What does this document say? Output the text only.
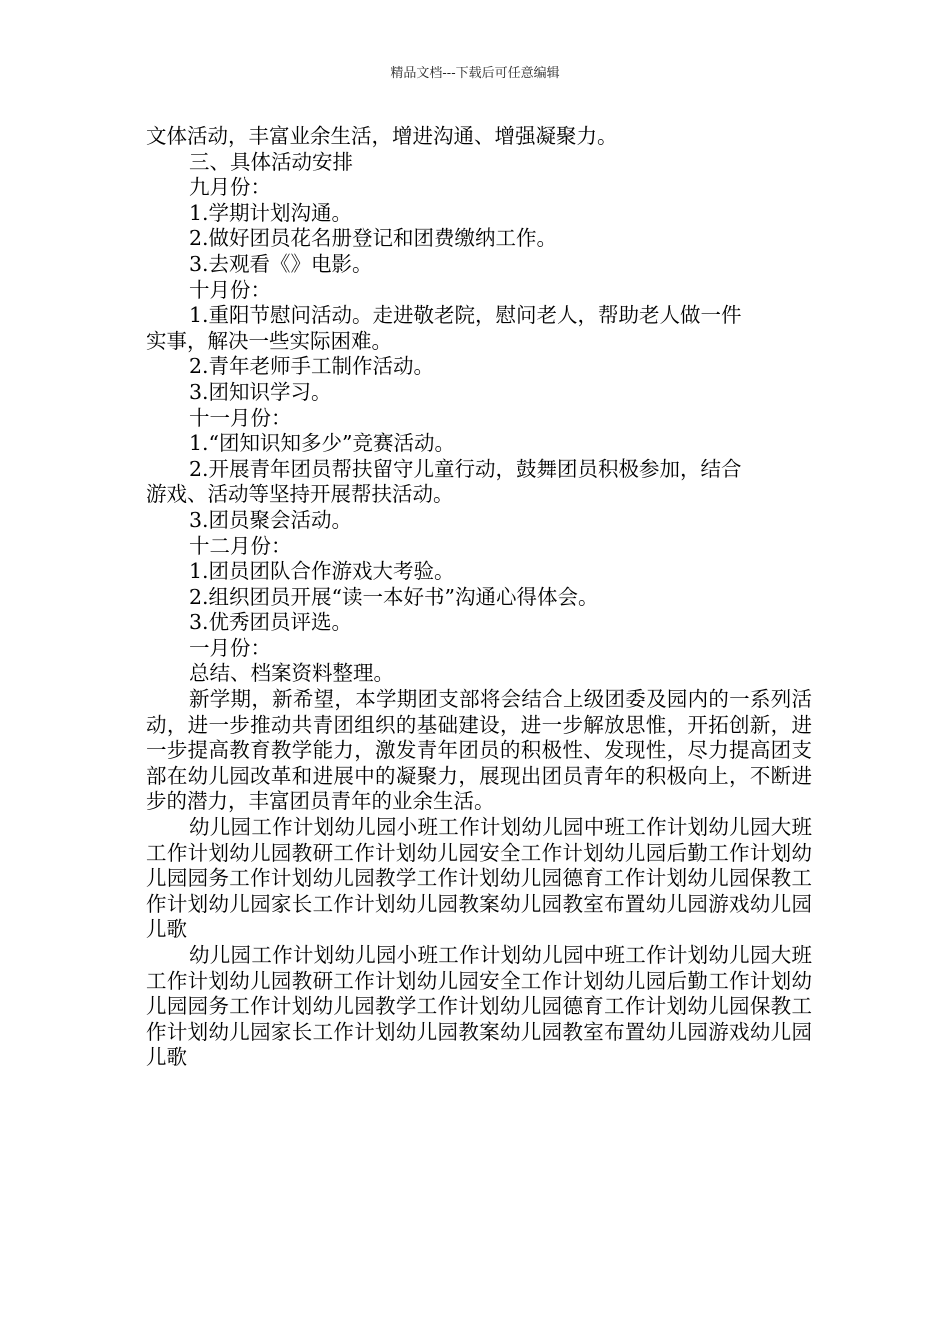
精品文档---下载后可任意编辑
文体活动，丰富业余生活，增进沟通、增强凝聚力。
三、具体活动安排
九月份：
1.学期计划沟通。
2.做好团员花名册登记和团费缴纳工作。
3.去观看《》电影。
十月份：
1.重阳节慰问活动。走进敬老院，慰问老人，帮助老人做一件
实事，解决一些实际困难。
2.青年老师手工制作活动。
3.团知识学习。
十一月份：
1.“团知识知多少”竞赛活动。
2.开展青年团员帮扶留守儿童行动，鼓舞团员积极参加，结合
游戏、活动等坚持开展帮扶活动。
3.团员聚会活动。
十二月份：
1.团员团队合作游戏大考验。
2.组织团员开展“读一本好书”沟通心得体会。
3.优秀团员评选。
一月份：
总结、档案资料整理。

新学期，新希望，本学期团支部将会结合上级团委及园内的一系列活动，进一步推动共青团组织的基础建设，进一步解放思惟，开拓创新，进一步提高教育教学能力，激发青年团员的积极性、发现性，尽力提高团支部在幼儿园改革和进展中的凝聚力，展现出团员青年的积极向上，不断进步的潜力，丰富团员青年的业余生活。

幼儿园工作计划幼儿园小班工作计划幼儿园中班工作计划幼儿园大班工作计划幼儿园教研工作计划幼儿园安全工作计划幼儿园后勤工作计划幼儿园园务工作计划幼儿园教学工作计划幼儿园德育工作计划幼儿园保教工作计划幼儿园家长工作计划幼儿园教案幼儿园教室布置幼儿园游戏幼儿园儿歌

幼儿园工作计划幼儿园小班工作计划幼儿园中班工作计划幼儿园大班工作计划幼儿园教研工作计划幼儿园安全工作计划幼儿园后勤工作计划幼儿园园务工作计划幼儿园教学工作计划幼儿园德育工作计划幼儿园保教工作计划幼儿园家长工作计划幼儿园教案幼儿园教室布置幼儿园游戏幼儿园儿歌
